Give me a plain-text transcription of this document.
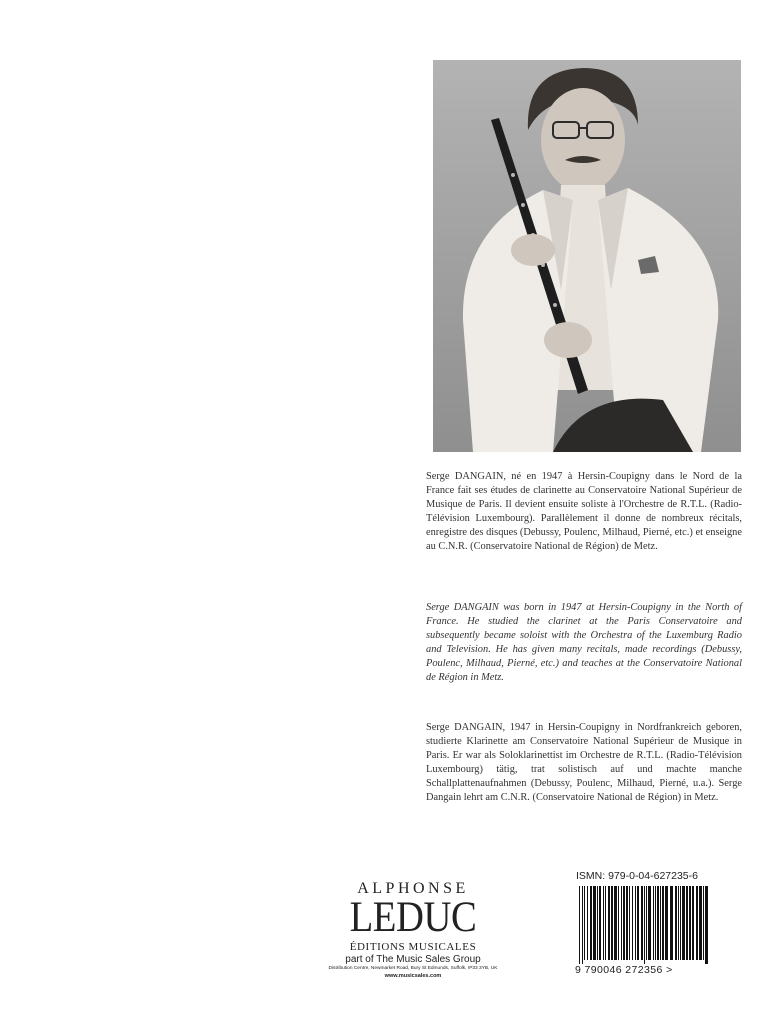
Serge DANGAIN, né en 1947 à Hersin-Coupigny dans le Nord de la France fait ses études de clarinette au Conservatoire National Supérieur de Musique de Paris. Il devient ensuite soliste à l'Orchestre de R.T.L. (Radio-Télévision Luxembourg). Parallèlement il donne de nombreux récitals, enregistre des disques (Debussy, Poulenc, Milhaud, Pierné, etc.) et enseigne au C.N.R. (Conservatoire National de Région) de Metz.

Serge DANGAIN was born in 1947 at Hersin-Coupigny in the North of France. He studied the clarinet at the Paris Conservatoire and subsequently became soloist with the Orchestra of the Luxemburg Radio and Television. He has given many recitals, made recordings (Debussy, Poulenc, Milhaud, Pierné, etc.) and teaches at the Conservatoire National de Région in Metz.

Serge DANGAIN, 1947 in Hersin-Coupigny in Nordfrankreich geboren, studierte Klarinette am Conservatoire National Supérieur de Musique in Paris. Er war als Soloklarinettist im Orchestre de R.T.L. (Radio-Télévision Luxembourg) tätig, trat solistisch auf und machte manche Schallplattenaufnahmen (Debussy, Poulenc, Milhaud, Pierné, u.a.). Serge Dangain lehrt am C.N.R. (Conservatoire National de Région) in Metz.

ALPHONSE
LEDUC
ÉDITIONS MUSICALES
part of The Music Sales Group
Distribution Centre, Newmarket Road, Bury St Edmunds, Suffolk, IP33 3YB, UK
www.musicsales.com
ISMN: 979-0-04-627235-6
9 790046 272356 >
